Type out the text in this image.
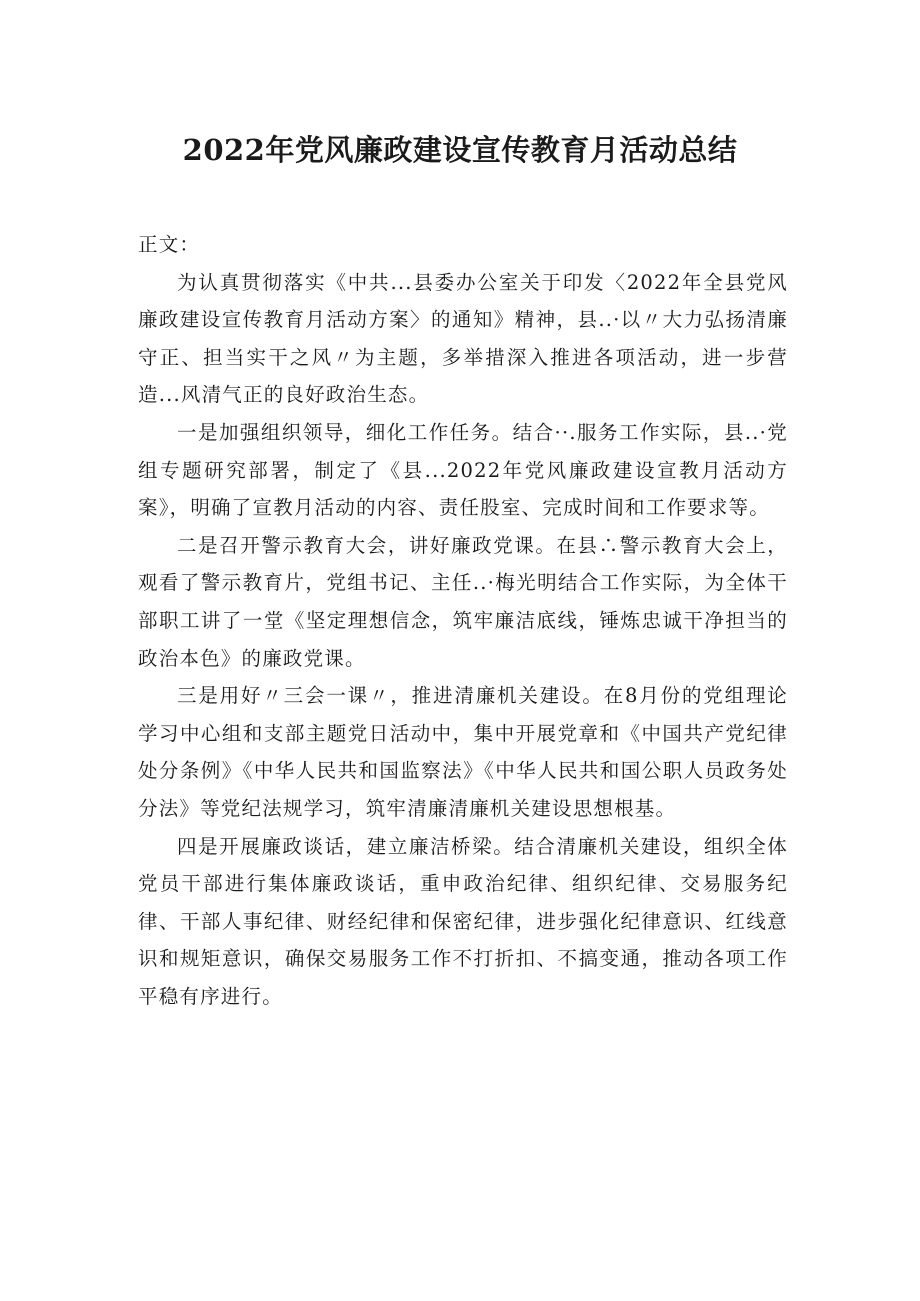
2022年党风廉政建设宣传教育月活动总结

正文：

为认真贯彻落实《中共...县委办公室关于印发〈2022年全县党风廉政建设宣传教育月活动方案〉的通知》精神，县..·以〃大力弘扬清廉守正、担当实干之风〃为主题，多举措深入推进各项活动，进一步营造...风清气正的良好政治生态。

一是加强组织领导，细化工作任务。结合··.服务工作实际，县..·党组专题研究部署，制定了《县...2022年党风廉政建设宣教月活动方案》，明确了宣教月活动的内容、责任股室、完成时间和工作要求等。

二是召开警示教育大会，讲好廉政党课。在县∴警示教育大会上，观看了警示教育片，党组书记、主任..·梅光明结合工作实际，为全体干部职工讲了一堂《坚定理想信念，筑牢廉洁底线，锤炼忠诚干净担当的政治本色》的廉政党课。

三是用好〃三会一课〃，推进清廉机关建设。在8月份的党组理论学习中心组和支部主题党日活动中，集中开展党章和《中国共产党纪律处分条例》《中华人民共和国监察法》《中华人民共和国公职人员政务处分法》等党纪法规学习，筑牢清廉清廉机关建设思想根基。

四是开展廉政谈话，建立廉洁桥梁。结合清廉机关建设，组织全体党员干部进行集体廉政谈话，重申政治纪律、组织纪律、交易服务纪律、干部人事纪律、财经纪律和保密纪律，进步强化纪律意识、红线意识和规矩意识，确保交易服务工作不打折扣、不搞变通，推动各项工作平稳有序进行。
